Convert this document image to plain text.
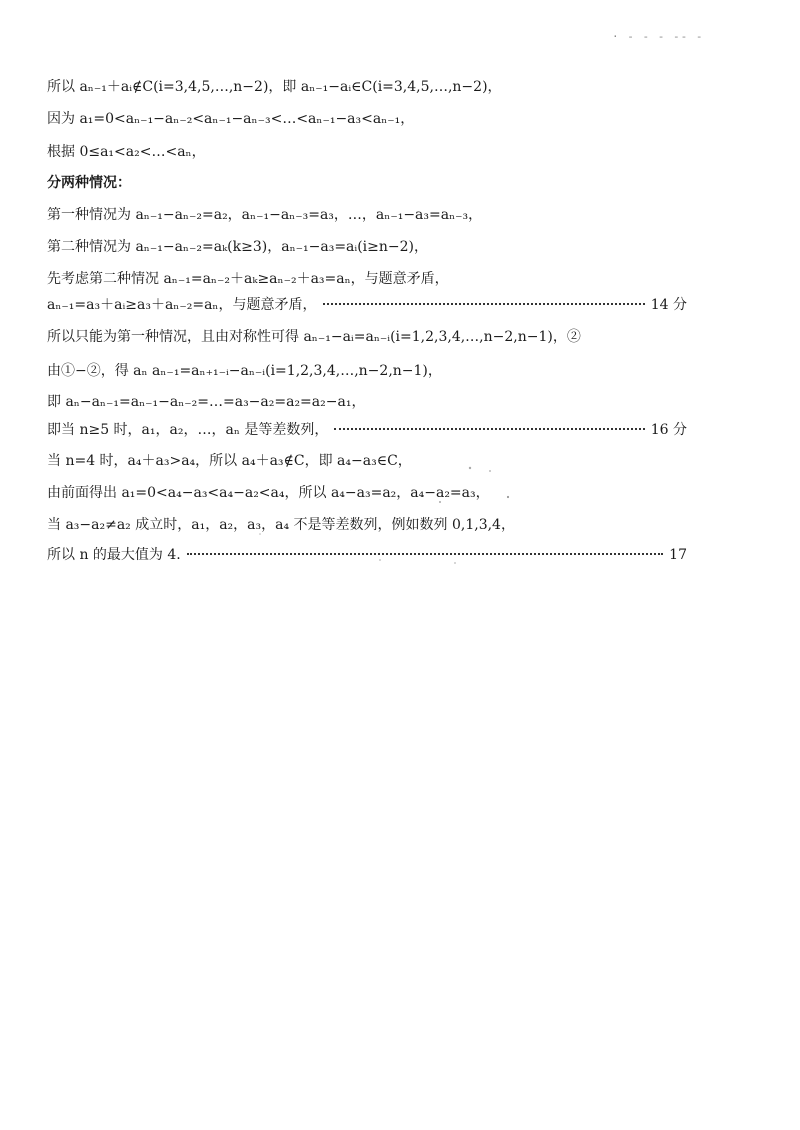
· - - - -- -
所以 aₙ₋₁＋aᵢ∉C(i=3,4,5,…,n−2)，即 aₙ₋₁−aᵢ∈C(i=3,4,5,…,n−2)，
因为 a₁=0<aₙ₋₁−aₙ₋₂<aₙ₋₁−aₙ₋₃<…<aₙ₋₁−a₃<aₙ₋₁，
根据 0≤a₁<a₂<…<aₙ，
分两种情况：
第一种情况为 aₙ₋₁−aₙ₋₂=a₂，aₙ₋₁−aₙ₋₃=a₃，…，aₙ₋₁−a₃=aₙ₋₃，
第二种情况为 aₙ₋₁−aₙ₋₂=aₖ(k≥3)，aₙ₋₁−a₃=aᵢ(i≥n−2)，
先考虑第二种情况 aₙ₋₁=aₙ₋₂＋aₖ≥aₙ₋₂＋a₃=aₙ，与题意矛盾，
aₙ₋₁=a₃＋aᵢ≥a₃＋aₙ₋₂=aₙ，与题意矛盾，	14 分
所以只能为第一种情况，且由对称性可得 aₙ₋₁−aᵢ=aₙ₋ᵢ(i=1,2,3,4,…,n−2,n−1)，②
由①−②，得 aₙ aₙ₋₁=aₙ₊₁₋ᵢ−aₙ₋ᵢ(i=1,2,3,4,…,n−2,n−1)，
即 aₙ−aₙ₋₁=aₙ₋₁−aₙ₋₂=…=a₃−a₂=a₂=a₂−a₁，
即当 n≥5 时，a₁，a₂，…，aₙ 是等差数列，	16 分
当 n=4 时，a₄＋a₃>a₄，所以 a₄＋a₃∉C，即 a₄−a₃∈C，
由前面得出 a₁=0<a₄−a₃<a₄−a₂<a₄，所以 a₄−a₃=a₂，a₄−a₂=a₃，
当 a₃−a₂≠a₂ 成立时，a₁，a₂，a₃，a₄ 不是等差数列，例如数列 0,1,3,4，
所以 n 的最大值为 4.	17
